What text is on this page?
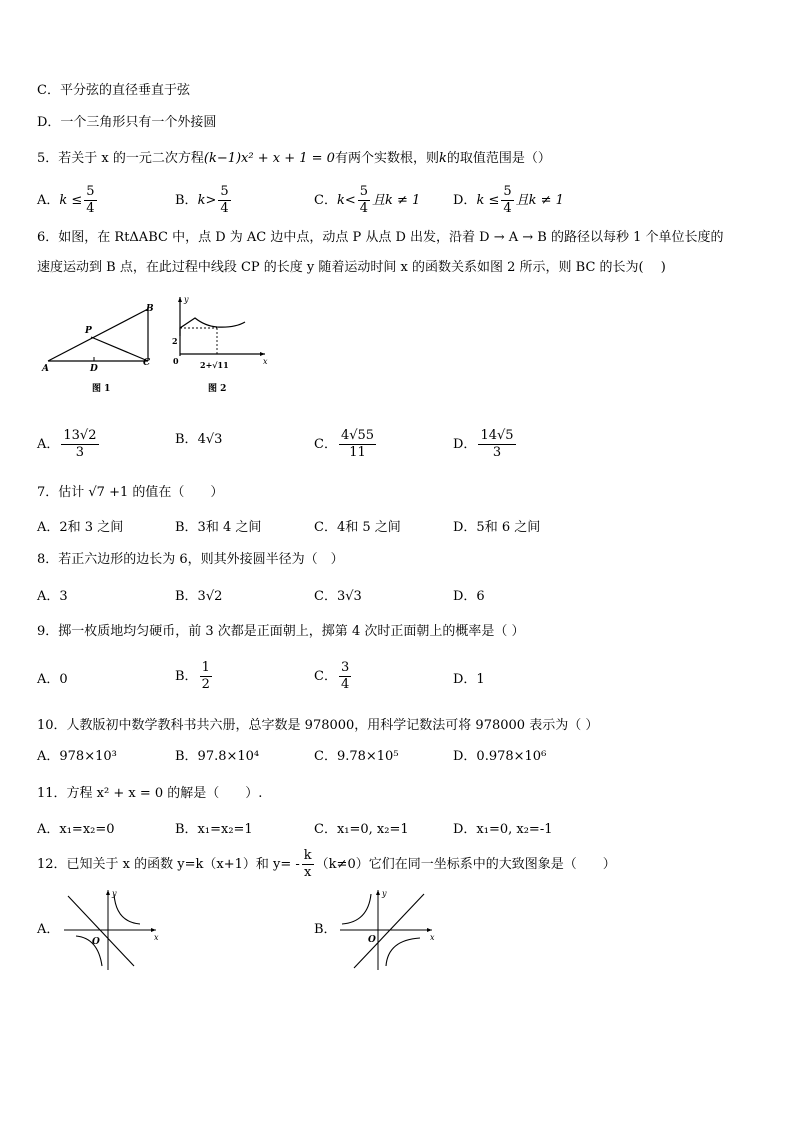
C．平分弦的直径垂直于弦
D．一个三角形只有一个外接圆
5．若关于 x 的一元二次方程(k−1)x² + x + 1 = 0有两个实数根，则k的取值范围是（）
A．$k \le \frac{5}{4}$	B．$k> \frac{5}{4}$	C．$k< \frac{5}{4}$ 且k ≠ 1	D．$k \le \frac{5}{4}$ 且k ≠ 1
6．如图，在 RtΔABC 中，点 D 为 AC 边中点，动点 P 从点 D 出发，沿着 D → A → B 的路径以每秒 1 个单位长度的
速度运动到 B 点，在此过程中线段 CP 的长度 y 随着运动时间 x 的函数关系如图 2 所示，则 BC 的长为(　 )
A
B
C
D
P
图 1
y
x
0
2
2+√11
图 2
A． $\frac{13√2}{3}$	B．4√3	C． $\frac{4√55}{11}$	D． $\frac{14√5}{3}$
7．估计 √7 +1 的值在（　　）
A．2和 3 之间	B．3和 4 之间	C．4和 5 之间	D．5和 6 之间
8．若正六边形的边长为 6，则其外接圆半径为（　）
A．3	B．3√2	C．3√3	D．6
9．掷一枚质地均匀硬币，前 3 次都是正面朝上，掷第 4 次时正面朝上的概率是（ ）
A．0	B． $\frac{1}{2}$	C． $\frac{3}{4}$	D．1
10．人教版初中数学教科书共六册，总字数是 978000，用科学记数法可将 978000 表示为（ ）
A．978×10³	B．97.8×10⁴	C．9.78×10⁵	D．0.978×10⁶
11．方程 x² + x = 0 的解是（　　）.
A．x₁=x₂=0	B．x₁=x₂=1	C．x₁=0, x₂=1	D．x₁=0, x₂=-1
12．已知关于 x 的函数 y=k（x+1）和 $y= - \frac{k}{x} (k\ne 0)$它们在同一坐标系中的大致图象是（　　）
A．
y
x
O
B．
y
x
O
